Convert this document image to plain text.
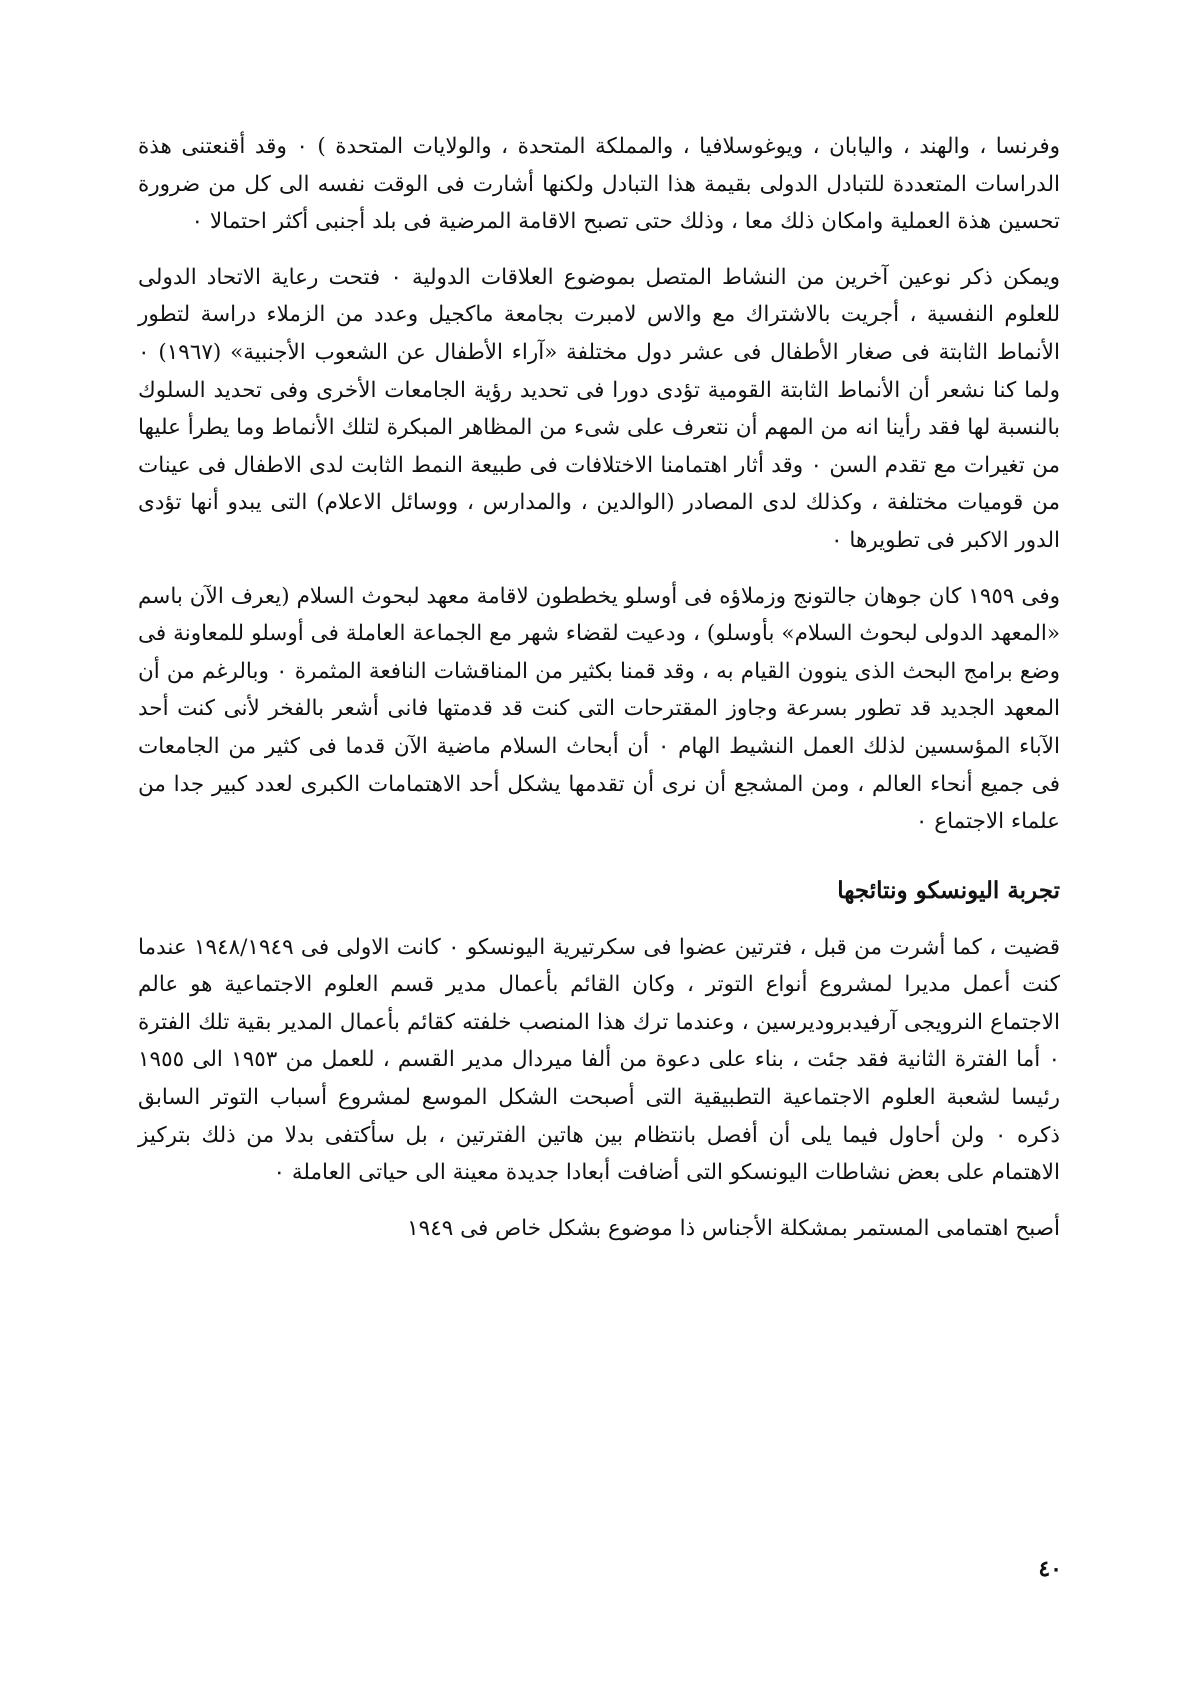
وفرنسا ، والهند ، واليابان ، ويوغوسلافيا ، والمملكة المتحدة ، والولايات المتحدة ) ٠ وقد أقنعتنى هذة الدراسات المتعددة للتبادل الدولى بقيمة هذا التبادل ولكنها أشارت فى الوقت نفسه الى كل من ضرورة تحسين هذة العملية وامكان ذلك معا ، وذلك حتى تصبح الاقامة المرضية فى بلد أجنبى أكثر احتمالا ٠

ويمكن ذكر نوعين آخرين من النشاط المتصل بموضوع العلاقات الدولية ٠ فتحت رعاية الاتحاد الدولى للعلوم النفسية ، أجريت بالاشتراك مع والاس لامبرت بجامعة ماكجيل وعدد من الزملاء دراسة لتطور الأنماط الثابتة فى صغار الأطفال فى عشر دول مختلفة «آراء الأطفال عن الشعوب الأجنبية» (١٩٦٧) ٠ ولما كنا نشعر أن الأنماط الثابتة القومية تؤدى دورا فى تحديد رؤية الجامعات الأخرى وفى تحديد السلوك بالنسبة لها فقد رأينا انه من المهم أن نتعرف على شىء من المظاهر المبكرة لتلك الأنماط وما يطرأ عليها من تغيرات مع تقدم السن ٠ وقد أثار اهتمامنا الاختلافات فى طبيعة النمط الثابت لدى الاطفال فى عينات من قوميات مختلفة ، وكذلك لدى المصادر (الوالدين ، والمدارس ، ووسائل الاعلام) التى يبدو أنها تؤدى الدور الاكبر فى تطويرها ٠

وفى ١٩٥٩ كان جوهان جالتونج وزملاؤه فى أوسلو يخططون لاقامة معهد لبحوث السلام (يعرف الآن باسم «المعهد الدولى لبحوث السلام» بأوسلو) ، ودعيت لقضاء شهر مع الجماعة العاملة فى أوسلو للمعاونة فى وضع برامج البحث الذى ينوون القيام به ، وقد قمنا بكثير من المناقشات النافعة المثمرة ٠ وبالرغم من أن المعهد الجديد قد تطور بسرعة وجاوز المقترحات التى كنت قد قدمتها فانى أشعر بالفخر لأنى كنت أحد الآباء المؤسسين لذلك العمل النشيط الهام ٠ أن أبحاث السلام ماضية الآن قدما فى كثير من الجامعات فى جميع أنحاء العالم ، ومن المشجع أن نرى أن تقدمها يشكل أحد الاهتمامات الكبرى لعدد كبير جدا من علماء الاجتماع ٠

تجربة اليونسكو ونتائجها

قضيت ، كما أشرت من قبل ، فترتين عضوا فى سكرتيرية اليونسكو ٠ كانت الاولى فى ١٩٤٨/١٩٤٩ عندما كنت أعمل مديرا لمشروع أنواع التوتر ، وكان القائم بأعمال مدير قسم العلوم الاجتماعية هو عالم الاجتماع النرويجى آرفيدبروديرسين ، وعندما ترك هذا المنصب خلفته كقائم بأعمال المدير بقية تلك الفترة ٠ أما الفترة الثانية فقد جئت ، بناء على دعوة من ألفا ميردال مدير القسم ، للعمل من ١٩٥٣ الى ١٩٥٥ رئيسا لشعبة العلوم الاجتماعية التطبيقية التى أصبحت الشكل الموسع لمشروع أسباب التوتر السابق ذكره ٠ ولن أحاول فيما يلى أن أفصل بانتظام بين هاتين الفترتين ، بل سأكتفى بدلا من ذلك بتركيز الاهتمام على بعض نشاطات اليونسكو التى أضافت أبعادا جديدة معينة الى حياتى العاملة ٠

أصبح اهتمامى المستمر بمشكلة الأجناس ذا موضوع بشكل خاص فى ١٩٤٩

٤٠
